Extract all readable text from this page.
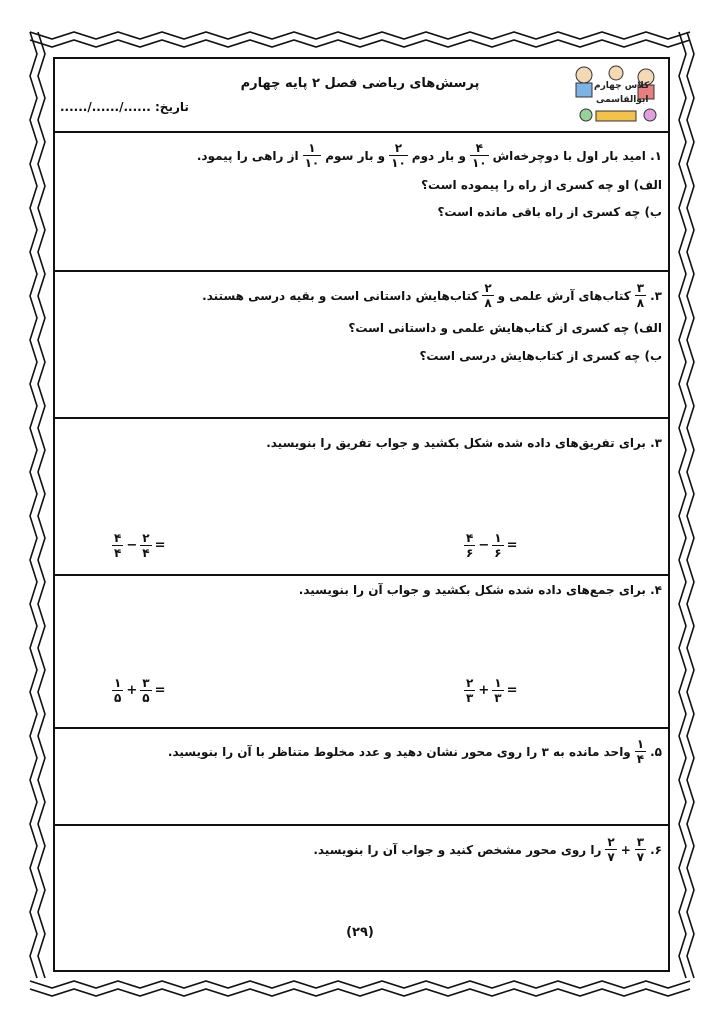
پرسش‌های ریاضی فصل ۲ پایه چهارم
تاریخ: ....../....../......
کلاس چهارم
ابوالقاسمی
۱. امید بار اول با دوچرخه‌اش
$\frac{۴}{۱۰}$
و بار دوم
$\frac{۲}{۱۰}$
و بار سوم
$\frac{۱}{۱۰}$
از راهی را پیمود.
الف) او چه کسری از راه را پیموده است؟
ب) چه کسری از راه باقی مانده است؟
۳.
$\frac{۳}{۸}$
کتاب‌های آرش علمی و
$\frac{۲}{۸}$
کتاب‌هایش داستانی است و بقیه درسی هستند.
الف) چه کسری از کتاب‌هایش علمی و داستانی است؟
ب) چه کسری از کتاب‌هایش درسی است؟
۳. برای تفریق‌های داده شده شکل بکشید و جواب تفریق را بنویسید.
$\frac{۴}{۴} - \frac{۲}{۴}$ =	$\frac{۴}{۶} - \frac{۱}{۶}$ =
۴. برای جمع‌های داده شده شکل بکشید و جواب آن را بنویسید.
$\frac{۱}{۵} + \frac{۳}{۵}$ =	$\frac{۲}{۳} + \frac{۱}{۳}$ =
۵.
$\frac{۱}{۴}$
واحد مانده به ۳ را روی محور نشان دهید و عدد مخلوط متناظر با آن را بنویسید.
۶.
$\frac{۳}{۷}$
+
$\frac{۲}{۷}$
را روی محور مشخص کنید و جواب آن را بنویسید.
(۲۹)
